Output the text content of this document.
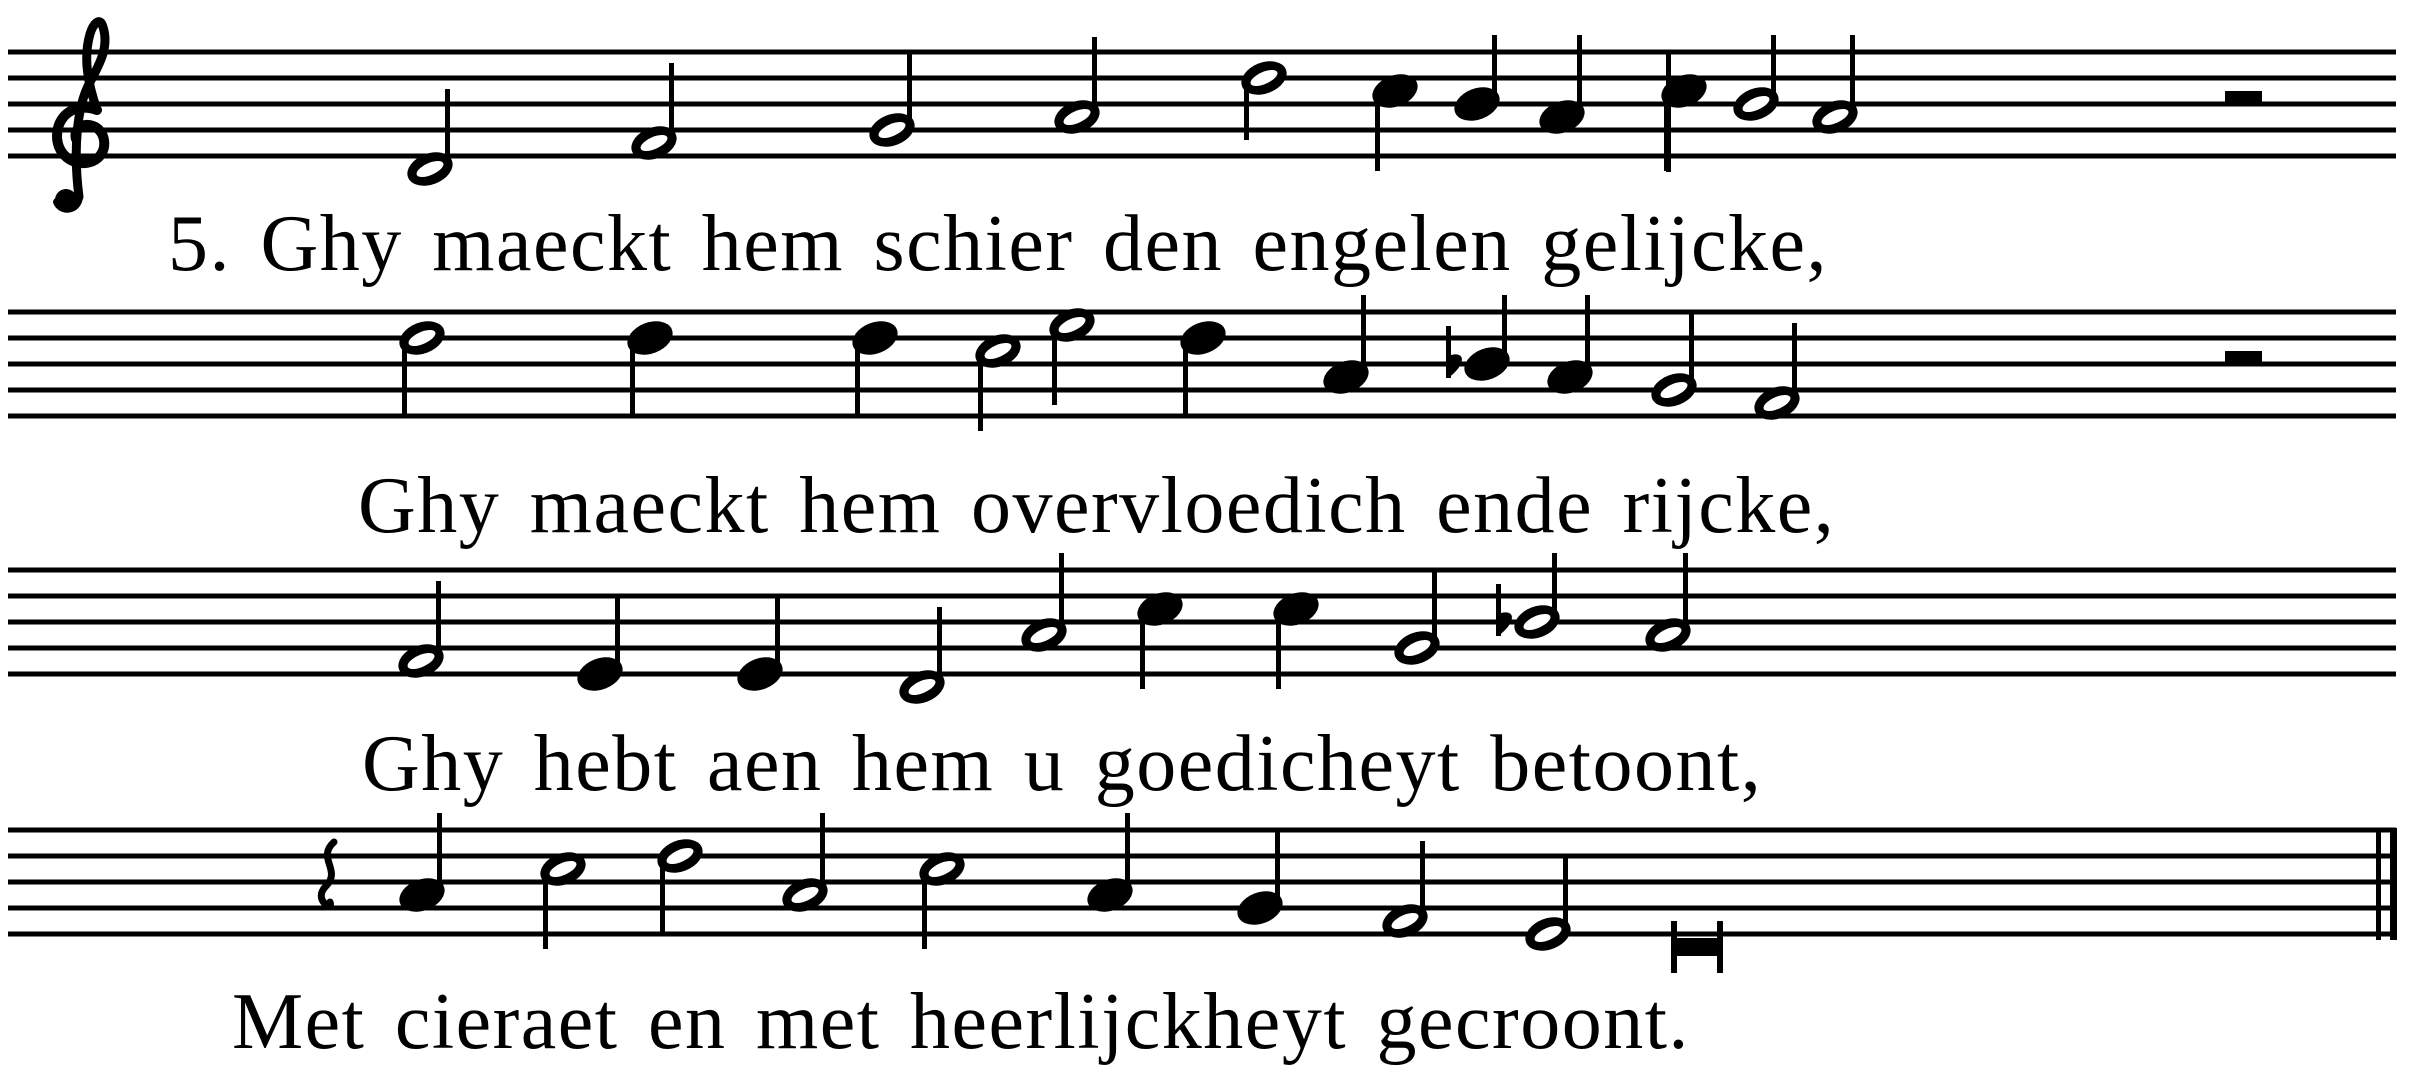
5. Ghy maeckt hem schier den engelen gelijcke,
Ghy maeckt hem overvloedich ende rijcke,
Ghy hebt aen hem u goedicheyt betoont,
Met cieraet en met heerlijckheyt gecroont.
